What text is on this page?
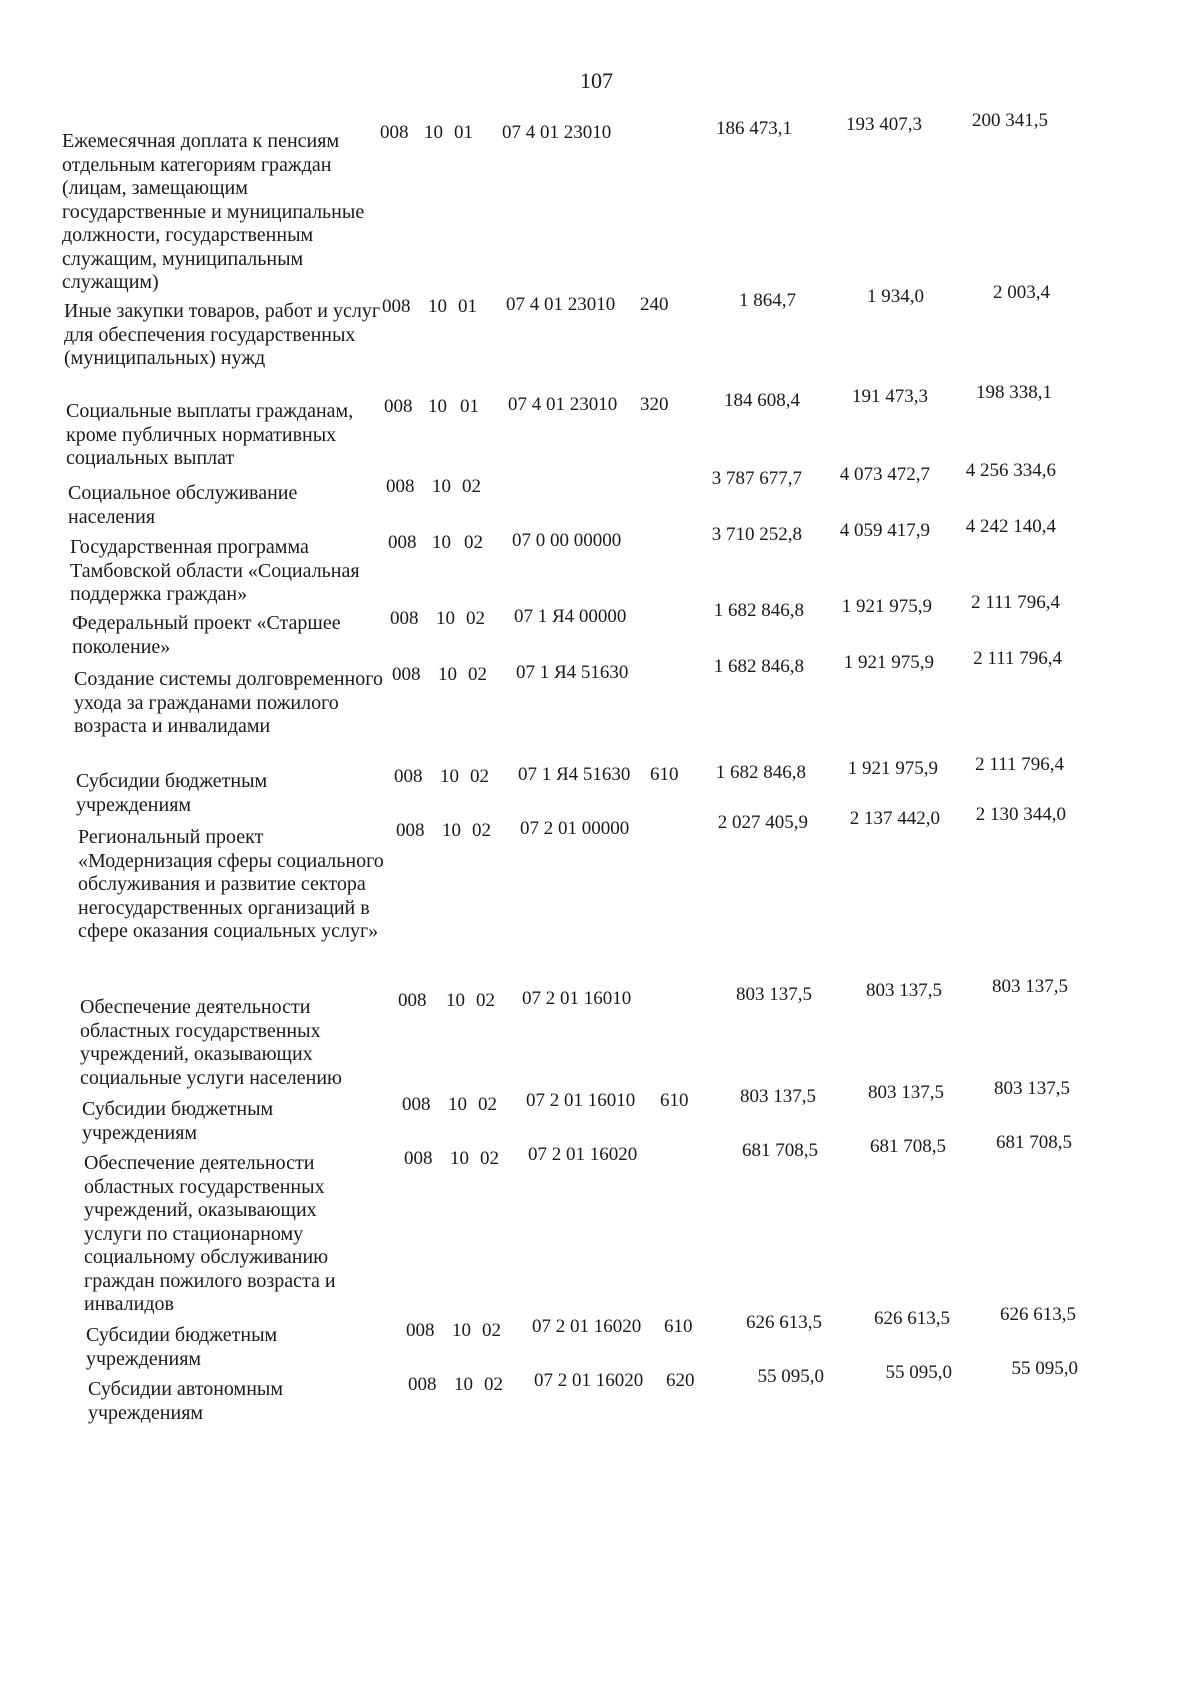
107
Ежемесячная доплата к пенсиям отдельным категориям граждан (лицам, замещающим государственные и муниципальные должности, государственным служащим, муниципальным служащим)
008 10 01 07 4 01 23010	186 473,1	193 407,3	200 341,5
Иные закупки товаров, работ и услуг для обеспечения государственных (муниципальных) нужд
008 10 01 07 4 01 23010 240	1 864,7	1 934,0	2 003,4
Социальные выплаты гражданам, кроме публичных нормативных социальных выплат
008 10 01 07 4 01 23010 320	184 608,4	191 473,3	198 338,1
Социальное обслуживание населения
008 10 02	3 787 677,7	4 073 472,7	4 256 334,6
Государственная программа Тамбовской области «Социальная поддержка граждан»
008 10 02 07 0 00 00000	3 710 252,8	4 059 417,9	4 242 140,4
Федеральный проект «Старшее поколение»
008 10 02 07 1 Я4 00000	1 682 846,8	1 921 975,9	2 111 796,4
Создание системы долговременного ухода за гражданами пожилого возраста и инвалидами
008 10 02 07 1 Я4 51630	1 682 846,8	1 921 975,9	2 111 796,4
Субсидии бюджетным учреждениям
008 10 02 07 1 Я4 51630 610	1 682 846,8	1 921 975,9	2 111 796,4
Региональный проект «Модернизация сферы социального обслуживания и развитие сектора негосударственных организаций в сфере оказания социальных услуг»
008 10 02 07 2 01 00000	2 027 405,9	2 137 442,0	2 130 344,0
Обеспечение деятельности областных государственных учреждений, оказывающих социальные услуги населению
008 10 02 07 2 01 16010	803 137,5	803 137,5	803 137,5
Субсидии бюджетным учреждениям
008 10 02 07 2 01 16010 610	803 137,5	803 137,5	803 137,5
Обеспечение деятельности областных государственных учреждений, оказывающих услуги по стационарному социальному обслуживанию граждан пожилого возраста и инвалидов
008 10 02 07 2 01 16020	681 708,5	681 708,5	681 708,5
Субсидии бюджетным учреждениям
008 10 02 07 2 01 16020 610	626 613,5	626 613,5	626 613,5
Субсидии автономным учреждениям
008 10 02 07 2 01 16020 620	55 095,0	55 095,0	55 095,0
